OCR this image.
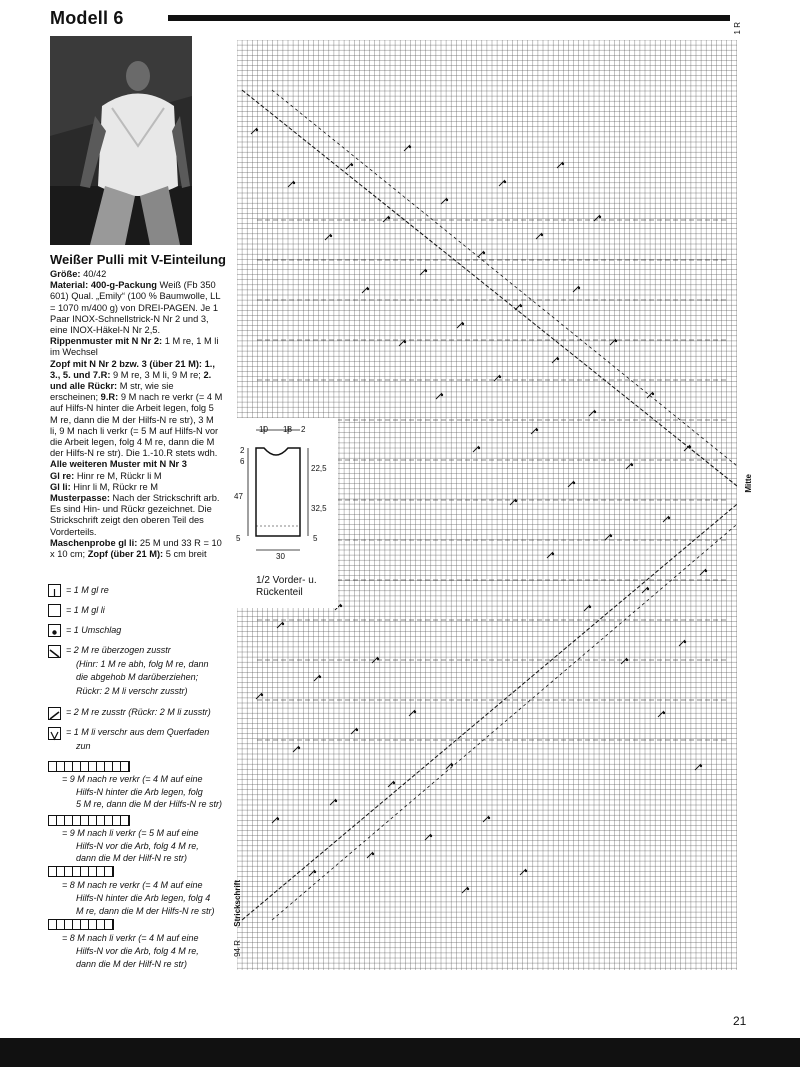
Modell 6
1 R
Weißer Pulli mit V-Einteilung

Größe: 40/42

Material: 400-g-Packung Weiß (Fb 350 601) Qual. „Emily“ (100 % Baumwolle, LL = 1070 m/400 g) von DREI-PAGEN. Je 1 Paar INOX-Schnellstrick-N Nr 2 und 3, eine INOX-Häkel-N Nr 2,5.

Rippenmuster mit N Nr 2: 1 M re, 1 M li im Wechsel

Zopf mit N Nr 2 bzw. 3 (über 21 M): 1., 3., 5. und 7.R: 9 M re, 3 M li, 9 M re; 2. und alle Rückr: M str, wie sie erscheinen; 9.R: 9 M nach re verkr (= 4 M auf Hilfs-N hinter die Arbeit legen, folg 5 M re, dann die M der Hilfs-N re str), 3 M li, 9 M nach li verkr (= 5 M auf Hilfs-N vor die Arbeit legen, folg 4 M re, dann die M der Hilfs-N re str). Die 1.-10.R stets wdh.

Alle weiteren Muster mit N Nr 3

Gl re: Hinr re M, Rückr li M

Gl li: Hinr li M, Rückr re M

Musterpasse: Nach der Strickschrift arb. Es sind Hin- und Rückr gezeichnet. Die Strickschrift zeigt den oberen Teil des Vorderteils.

Maschenprobe gl li: 25 M und 33 R = 10 x 10 cm; Zopf (über 21 M): 5 cm breit

= 1 M gl re
= 1 M gl li
= 1 Umschlag
= 2 M re überzogen zusstr
(Hinr: 1 M re abh, folg M re, dann
die abgehob M darüberziehen;
Rückr: 2 M li verschr zusstr)
= 2 M re zusstr (Rückr: 2 M li zusstr)
= 1 M li verschr aus dem Querfaden
zun
= 9 M nach re verkr (= 4 M auf eine
Hilfs-N hinter die Arb legen, folg
5 M re, dann die M der Hilfs-N re str)
= 9 M nach li verkr (= 5 M auf eine
Hilfs-N vor die Arb, folg 4 M re,
dann die M der Hilf-N re str)
= 8 M nach re verkr (= 4 M auf eine
Hilfs-N hinter die Arb legen, folg 4
M re, dann die M der Hilfs-N re str)
= 8 M nach li verkr (= 4 M auf eine
Hilfs-N vor die Arb, folg 4 M re,
dann die M der Hilf-N re str)
10 18 2
2
6
47
5
22,5
32,5
5
30
1/2 Vorder- u.
Rückenteil
Strickschrift
94 R
Mitte
21
